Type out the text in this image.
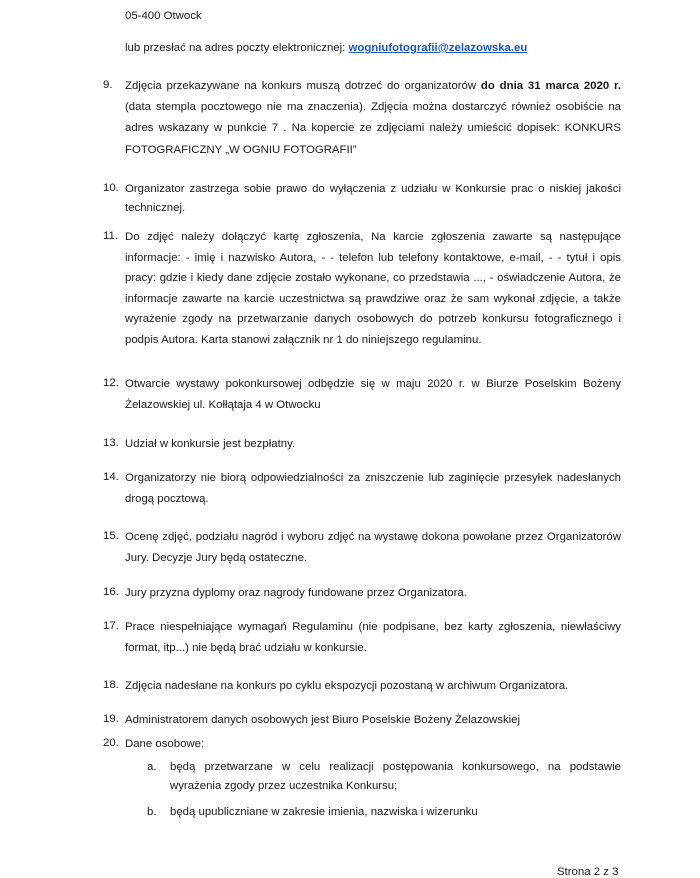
05-400 Otwock
lub przesłać na adres poczty elektronicznej: wogniufotografii@zelazowska.eu
9.	Zdjęcia przekazywane na konkurs muszą dotrzeć do organizatorów do dnia 31 marca 2020 r. (data stempla pocztowego nie ma znaczenia). Zdjęcia można dostarczyć również osobiście na adres wskazany w punkcie 7 . Na kopercie ze zdjęciami należy umieścić dopisek: KONKURS FOTOGRAFICZNY „W OGNIU FOTOGRAFII”
10. Organizator zastrzega sobie prawo do wyłączenia z udziału w Konkursie prac o niskiej jakości technicznej.
11. Do zdjęć należy dołączyć kartę zgłoszenia, Na karcie zgłoszenia zawarte są następujące informacje: - imię i nazwisko Autora, - - telefon lub telefony kontaktowe, e-mail, - - tytuł i opis pracy: gdzie i kiedy dane zdjęcie zostało wykonane, co przedstawia ..., - oświadczenie Autora, że informacje zawarte na karcie uczestnictwa są prawdziwe oraz że sam wykonał zdjęcie, a także wyrażenie zgody na przetwarzanie danych osobowych do potrzeb konkursu fotograficznego i podpis Autora. Karta stanowi załącznik nr 1 do niniejszego regulaminu.
12. Otwarcie wystawy pokonkursowej odbędzie się w maju 2020 r. w Biurze Poselskim Bożeny Żelazowskiej ul. Kołłątaja 4 w Otwocku
13. Udział w konkursie jest bezpłatny.
14. Organizatorzy nie biorą odpowiedzialności za zniszczenie lub zaginięcie przesyłek nadesłanych drogą pocztową.
15. Ocenę zdjęć, podziału nagród i wyboru zdjęć na wystawę dokona powołane przez Organizatorów Jury. Decyzje Jury będą ostateczne.
16. Jury przyzna dyplomy oraz nagrody fundowane przez Organizatora.
17. Prace niespełniające wymagań Regulaminu (nie podpisane, bez karty zgłoszenia, niewłaściwy format, itp...) nie będą brać udziału w konkursie.
18. Zdjęcia nadesłane na konkurs po cyklu ekspozycji pozostaną w archiwum Organizatora.
19. Administratorem danych osobowych jest Biuro Poselskie Bożeny Żelazowskiej
20. Dane osobowe:
a. będą przetwarzane w celu realizacji postępowania konkursowego, na podstawie wyrażenia zgody przez uczestnika Konkursu;
b. będą upubliczniane w zakresie imienia, nazwiska i wizerunku
Strona 2 z 3
